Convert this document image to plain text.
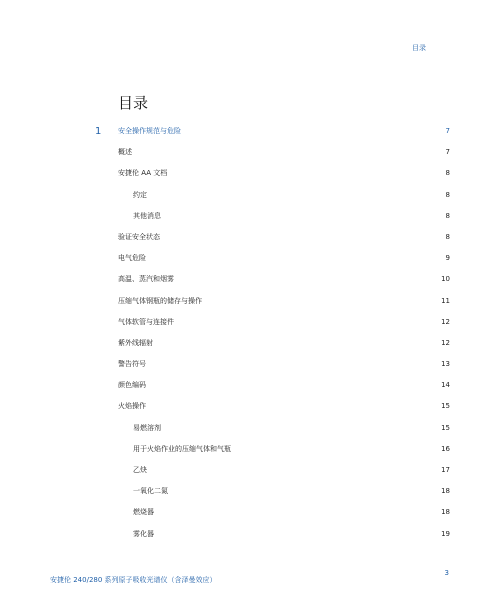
目录
目录
1 安全操作规范与危险	7
概述	7
安捷伦 AA 文档	8
约定	8
其他消息	8
验证安全状态	8
电气危险	9
高温、蒸汽和烟雾	10
压缩气体钢瓶的储存与操作	11
气体软管与连接件	12
紫外线辐射	12
警告符号	13
颜色编码	14
火焰操作	15
易燃溶剂	15
用于火焰作业的压缩气体和气瓶	16
乙炔	17
一氧化二氮	18
燃烧器	18
雾化器	19
安捷伦 240/280 系列原子吸收光谱仪（含泽曼效应）
3
